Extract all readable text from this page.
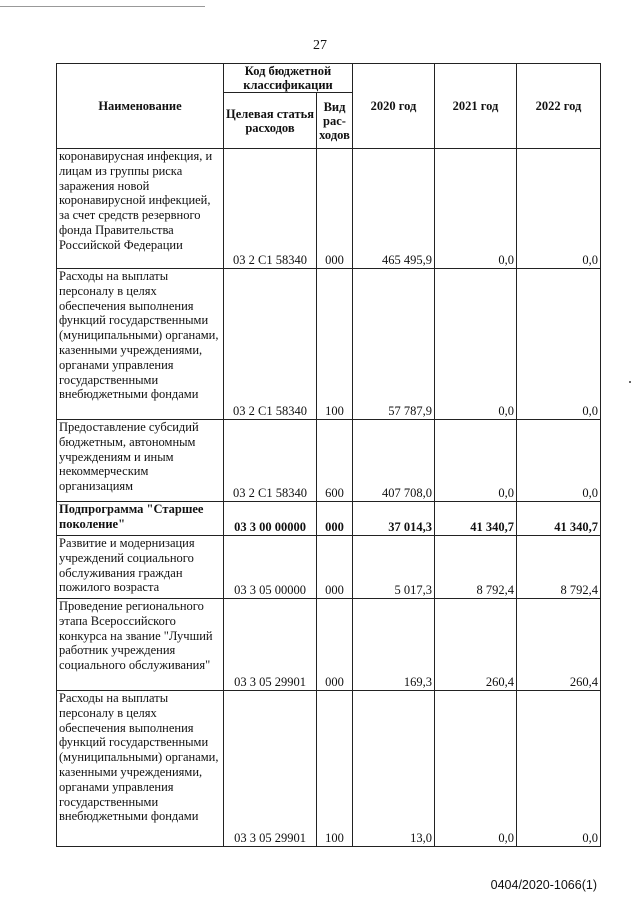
27
Наименование	Код бюджетной классификации		2020 год	2021 год	2022 год
	Целевая статья расходов	Вид рас-ходов			
коронавирусная инфекция, и лицам из группы риска заражения новой коронавирусной инфекцией, за счет средств резервного фонда Правительства Российской Федерации	03 2 С1 58340	000	465 495,9	0,0	0,0
Расходы на выплаты персоналу в целях обеспечения выполнения функций государственными (муниципальными) органами, казенными учреждениями, органами управления государственными внебюджетными фондами	03 2 С1 58340	100	57 787,9	0,0	0,0
Предоставление субсидий бюджетным, автономным учреждениям и иным некоммерческим организациям	03 2 С1 58340	600	407 708,0	0,0	0,0
Подпрограмма "Старшее поколение"	03 3 00 00000	000	37 014,3	41 340,7	41 340,7
Развитие и модернизация учреждений социального обслуживания граждан пожилого возраста	03 3 05 00000	000	5 017,3	8 792,4	8 792,4
Проведение регионального этапа Всероссийского конкурса на звание "Лучший работник учреждения социального обслуживания"	03 3 05 29901	000	169,3	260,4	260,4
Расходы на выплаты персоналу в целях обеспечения выполнения функций государственными (муниципальными) органами, казенными учреждениями, органами управления государственными внебюджетными фондами	03 3 05 29901	100	13,0	0,0	0,0
0404/2020-1066(1)
